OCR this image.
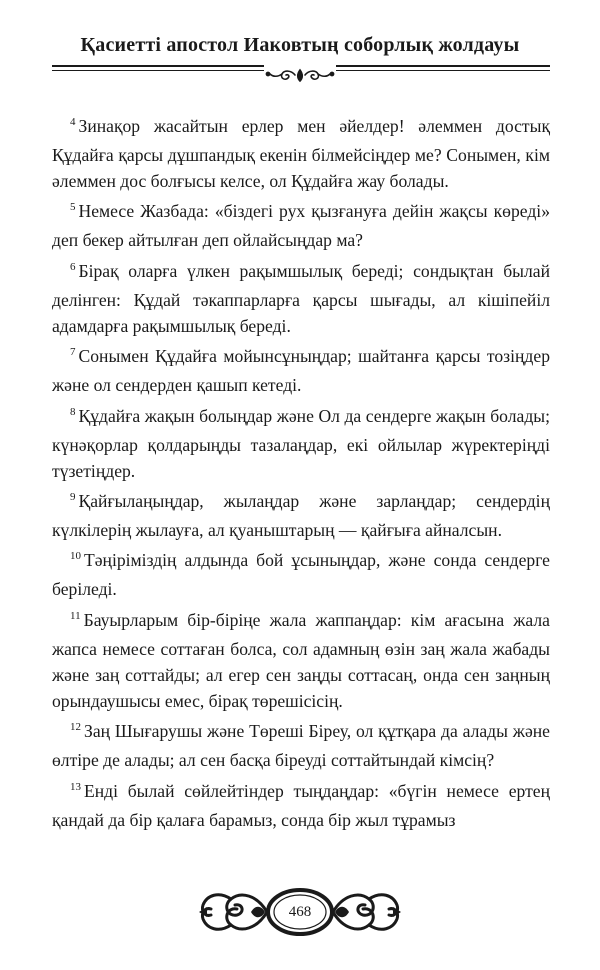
Қасиетті апостол Иаковтың соборлық жолдауы

$^4$ Зинақор жасайтын ерлер мен әйелдер! әлеммен достық Құдайға қарсы дұшпандық екенін білмейсіңдер ме? Сонымен, кім әлеммен дос болғысы келсе, ол Құдайға жау болады.

$^5$ Немесе Жазбада: «біздегі рух қызғануға дейін жақсы көреді» деп бекер айтылған деп ойлайсыңдар ма?

$^6$ Бірақ оларға үлкен рақымшылық береді; сондықтан былай делінген: Құдай тәкаппарларға қарсы шығады, ал кішіпейіл адамдарға рақымшылық береді.

$^7$ Сонымен Құдайға мойынсұныңдар; шайтанға қарсы тозіңдер және ол сендерден қашып кетеді.

$^8$ Құдайға жақын болыңдар және Ол да сендерге жақын болады; күнәқорлар қолдарыңды тазалаңдар, екі ойлылар жүректеріңді түзетіңдер.

$^9$ Қайғылаңыңдар, жылаңдар және зарлаңдар; сендердің күлкілерің жылауға, ал қуаныштарың — қайғыға айналсын.

$^{10}$ Тәңіріміздің алдында бой ұсыныңдар, және сонда сендерге беріледі.

$^{11}$ Бауырларым бір-біріңе жала жаппаңдар: кім ағасына жала жапса немесе соттаған болса, сол адамның өзін заң жала жабады және заң соттайды; ал егер сен заңды соттасаң, онда сен заңның орындаушысы емес, бірақ төрешісісің.

$^{12}$ Заң Шығарушы және Төреші Біреу, ол құтқара да алады және өлтіре де алады; ал сен басқа біреуді соттайтындай кімсің?

$^{13}$ Енді былай сөйлейтіндер тыңдаңдар: «бүгін немесе ертең қандай да бір қалаға барамыз, сонда бір жыл тұрамыз

468
